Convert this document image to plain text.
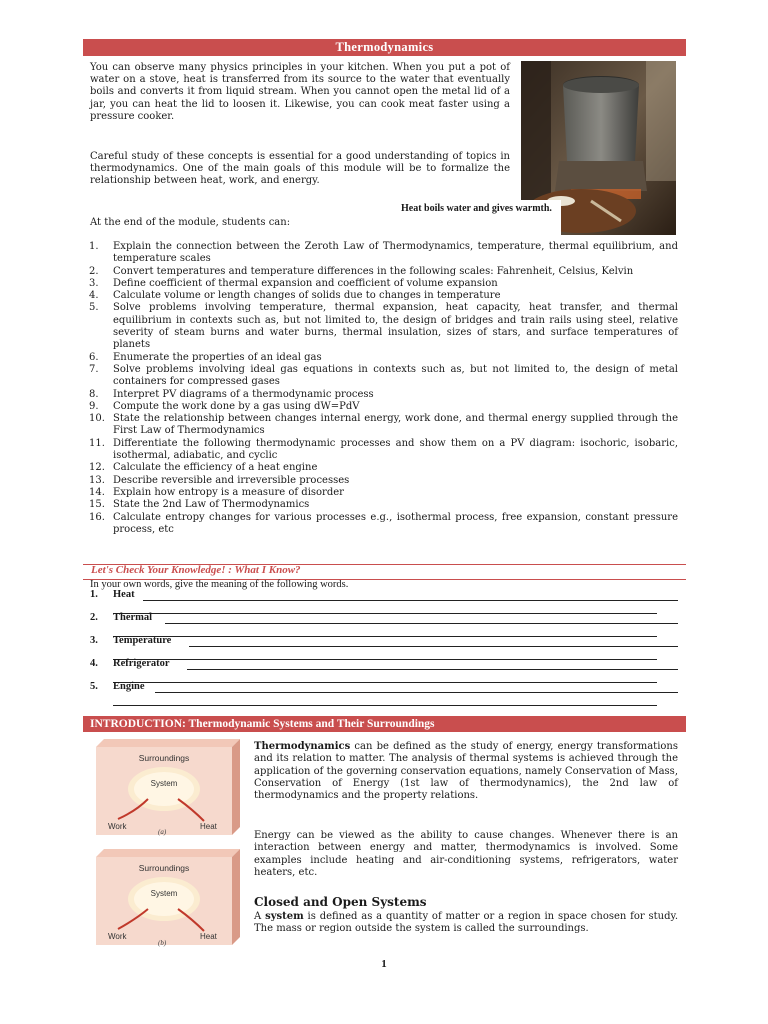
Thermodynamics

You can observe many physics principles in your kitchen. When you put a pot of water on a stove, heat is transferred from its source to the water that eventually boils and converts it from liquid stream. When you cannot open the metal lid of a jar, you can heat the lid to loosen it. Likewise, you can cook meat faster using a pressure cooker.

Careful study of these concepts is essential for a good understanding of topics in thermodynamics. One of the main goals of this module will be to formalize the relationship between heat, work, and energy.

At the end of the module, students can:

Heat boils water and gives warmth.
1. Explain the connection between the Zeroth Law of Thermodynamics, temperature, thermal equilibrium, and temperature scales
2. Convert temperatures and temperature differences in the following scales: Fahrenheit, Celsius, Kelvin
3. Define coefficient of thermal expansion and coefficient of volume expansion
4. Calculate volume or length changes of solids due to changes in temperature
5. Solve problems involving temperature, thermal expansion, heat capacity, heat transfer, and thermal equilibrium in contexts such as, but not limited to, the design of bridges and train rails using steel, relative severity of steam burns and water burns, thermal insulation, sizes of stars, and surface temperatures of planets
6. Enumerate the properties of an ideal gas
7. Solve problems involving ideal gas equations in contexts such as, but not limited to, the design of metal containers for compressed gases
8. Interpret PV diagrams of a thermodynamic process
9. Compute the work done by a gas using dW=PdV
10. State the relationship between changes internal energy, work done, and thermal energy supplied through the First Law of Thermodynamics
11. Differentiate the following thermodynamic processes and show them on a PV diagram: isochoric, isobaric, isothermal, adiabatic, and cyclic
12. Calculate the efficiency of a heat engine
13. Describe reversible and irreversible processes
14. Explain how entropy is a measure of disorder
15. State the 2nd Law of Thermodynamics
16. Calculate entropy changes for various processes e.g., isothermal process, free expansion, constant pressure process, etc
Let's Check Your Knowledge! : What I Know?
In your own words, give the meaning of the following words.
1. Heat
2. Thermal
3. Temperature
4. Refrigerator
5. Engine
INTRODUCTION: Thermodynamic Systems and Their Surroundings
Surroundings
System
Work	Heat
(a)
Surroundings
System
Work	Heat
(b)

Thermodynamics can be defined as the study of energy, energy transformations and its relation to matter. The analysis of thermal systems is achieved through the application of the governing conservation equations, namely Conservation of Mass, Conservation of Energy (1st law of thermodynamics), the 2nd law of thermodynamics and the property relations.

Energy can be viewed as the ability to cause changes. Whenever there is an interaction between energy and matter, thermodynamics is involved. Some examples include heating and air-conditioning systems, refrigerators, water heaters, etc.

Closed and Open Systems

A system is defined as a quantity of matter or a region in space chosen for study. The mass or region outside the system is called the surroundings.

1
